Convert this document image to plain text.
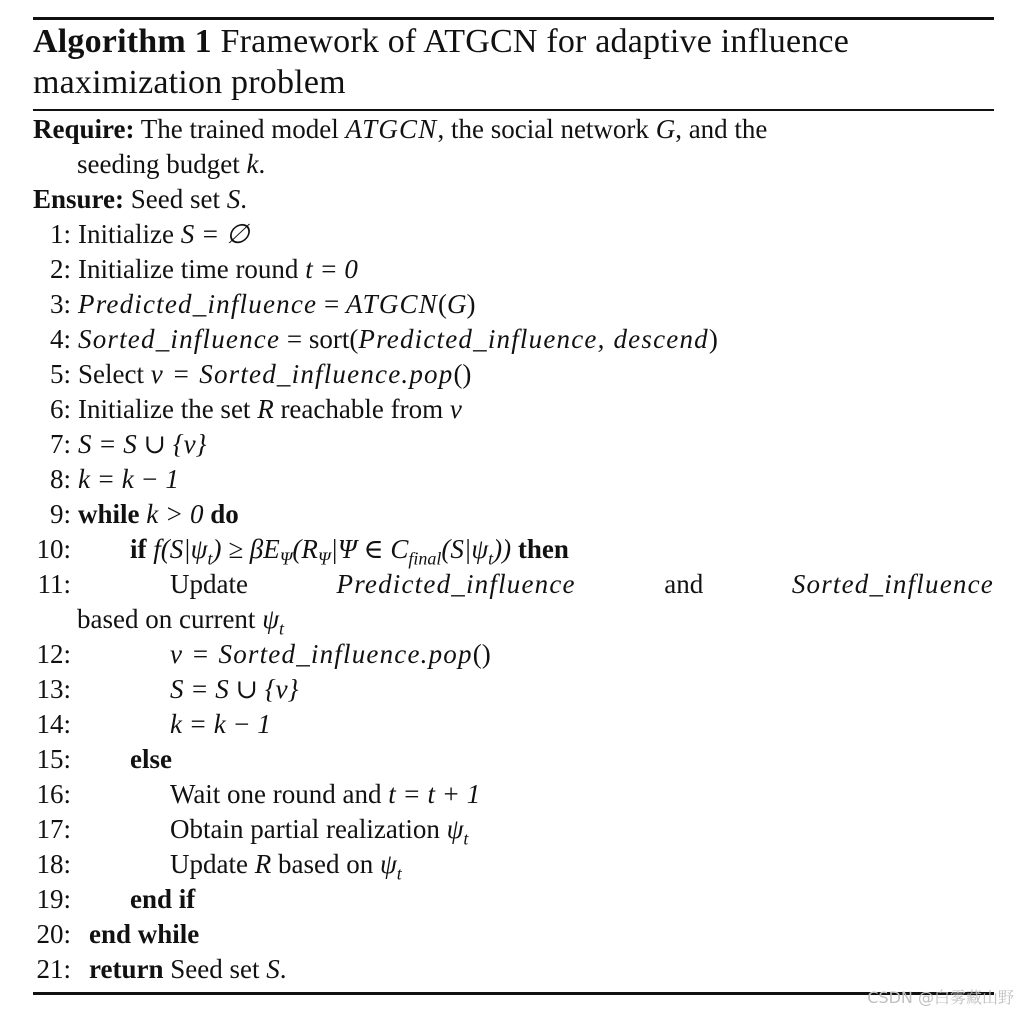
Algorithm 1 Framework of ATGCN for adaptive influence
maximization problem
Require: The trained model ATGCN, the social network G, and the
seeding budget k.
Ensure: Seed set S.
1: Initialize S = ∅
2: Initialize time round t = 0
3: Predicted_influence = ATGCN(G)
4: Sorted_influence = sort(Predicted_influence, descend)
5: Select v = Sorted_influence.pop()
6: Initialize the set R reachable from v
7: S = S ∪ {v}
8: k = k − 1
9: while k > 0 do
10: if $f(S|\psi_t) \ge \beta E_\Psi(R_\Psi|\Psi$ ∈ $C_{final}(S|\psi_t)$) then
11:	Update	Predicted_influence	and	Sorted_influence
based on current $\psi_t$
12:	v = Sorted_influence.pop()
13:	S = S ∪ {v}
14:	k = k − 1
15: else
16:	Wait one round and t = t + 1
17:	Obtain partial realization $\psi_t$
18:	Update R based on $\psi_t$
19: end if
20: end while
21: return Seed set S.
CSDN @白雾藏山野
